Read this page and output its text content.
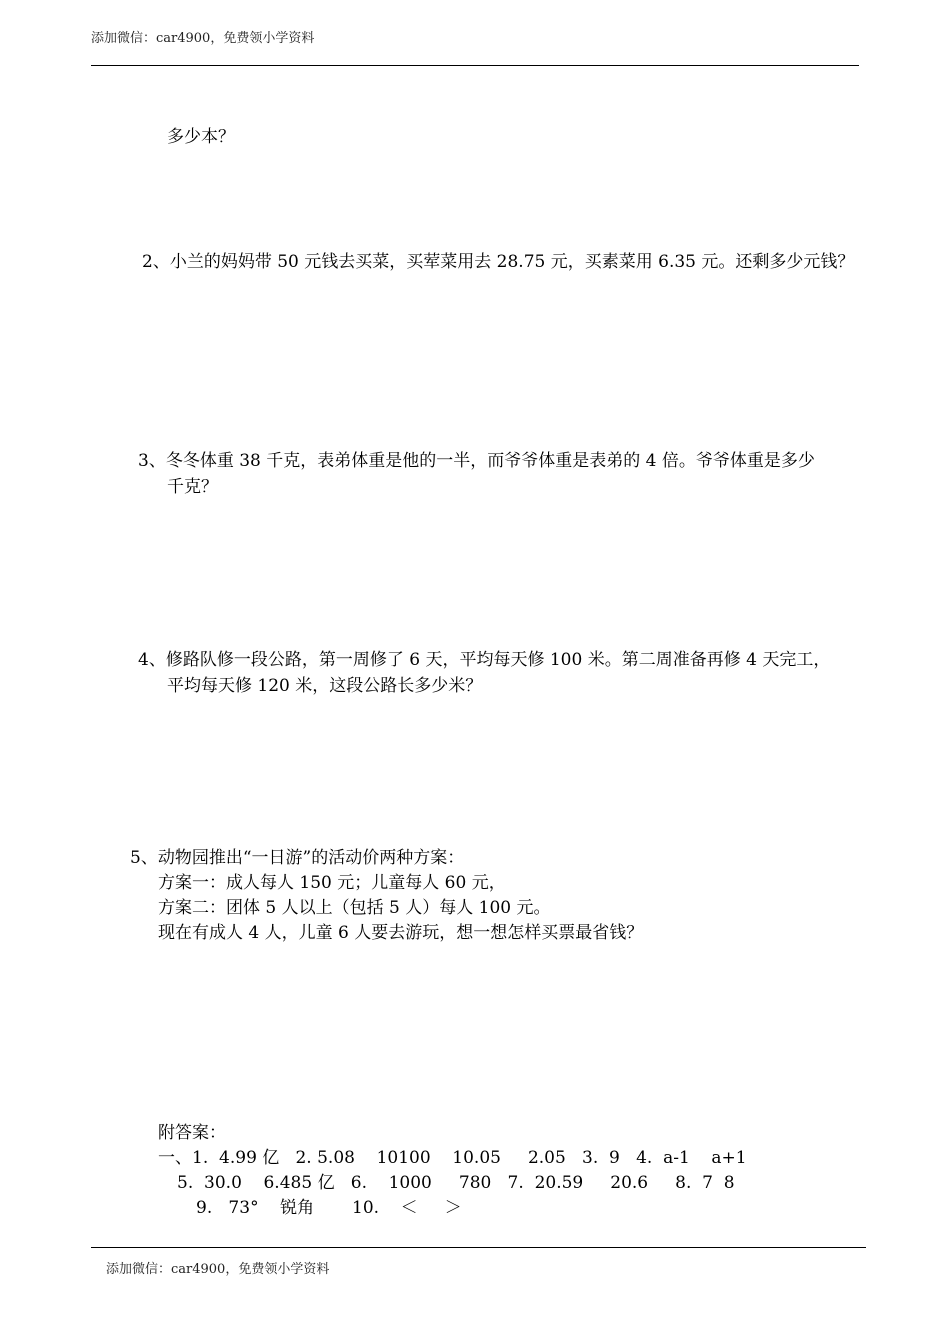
添加微信：car4900，免费领小学资料
多少本？
2、小兰的妈妈带 50 元钱去买菜，买荤菜用去 28.75 元，买素菜用 6.35 元。还剩多少元钱？
3、冬冬体重 38 千克，表弟体重是他的一半，而爷爷体重是表弟的 4 倍。爷爷体重是多少
千克？
4、修路队修一段公路，第一周修了 6 天，平均每天修 100 米。第二周准备再修 4 天完工，
平均每天修 120 米，这段公路长多少米？
5、动物园推出“一日游”的活动价两种方案：
方案一：成人每人 150 元；儿童每人 60 元，
方案二：团体 5 人以上（包括 5 人）每人 100 元。
现在有成人 4 人，儿童 6 人要去游玩，想一想怎样买票最省钱？
附答案：
一、1.  4.99 亿   2. 5.08    10100    10.05     2.05   3.  9   4.  a-1    a+1
5.  30.0    6.485 亿   6.    1000     780   7.  20.59     20.6     8.  7  8
9.   73°    锐角       10.    ＜     ＞
添加微信：car4900，免费领小学资料
